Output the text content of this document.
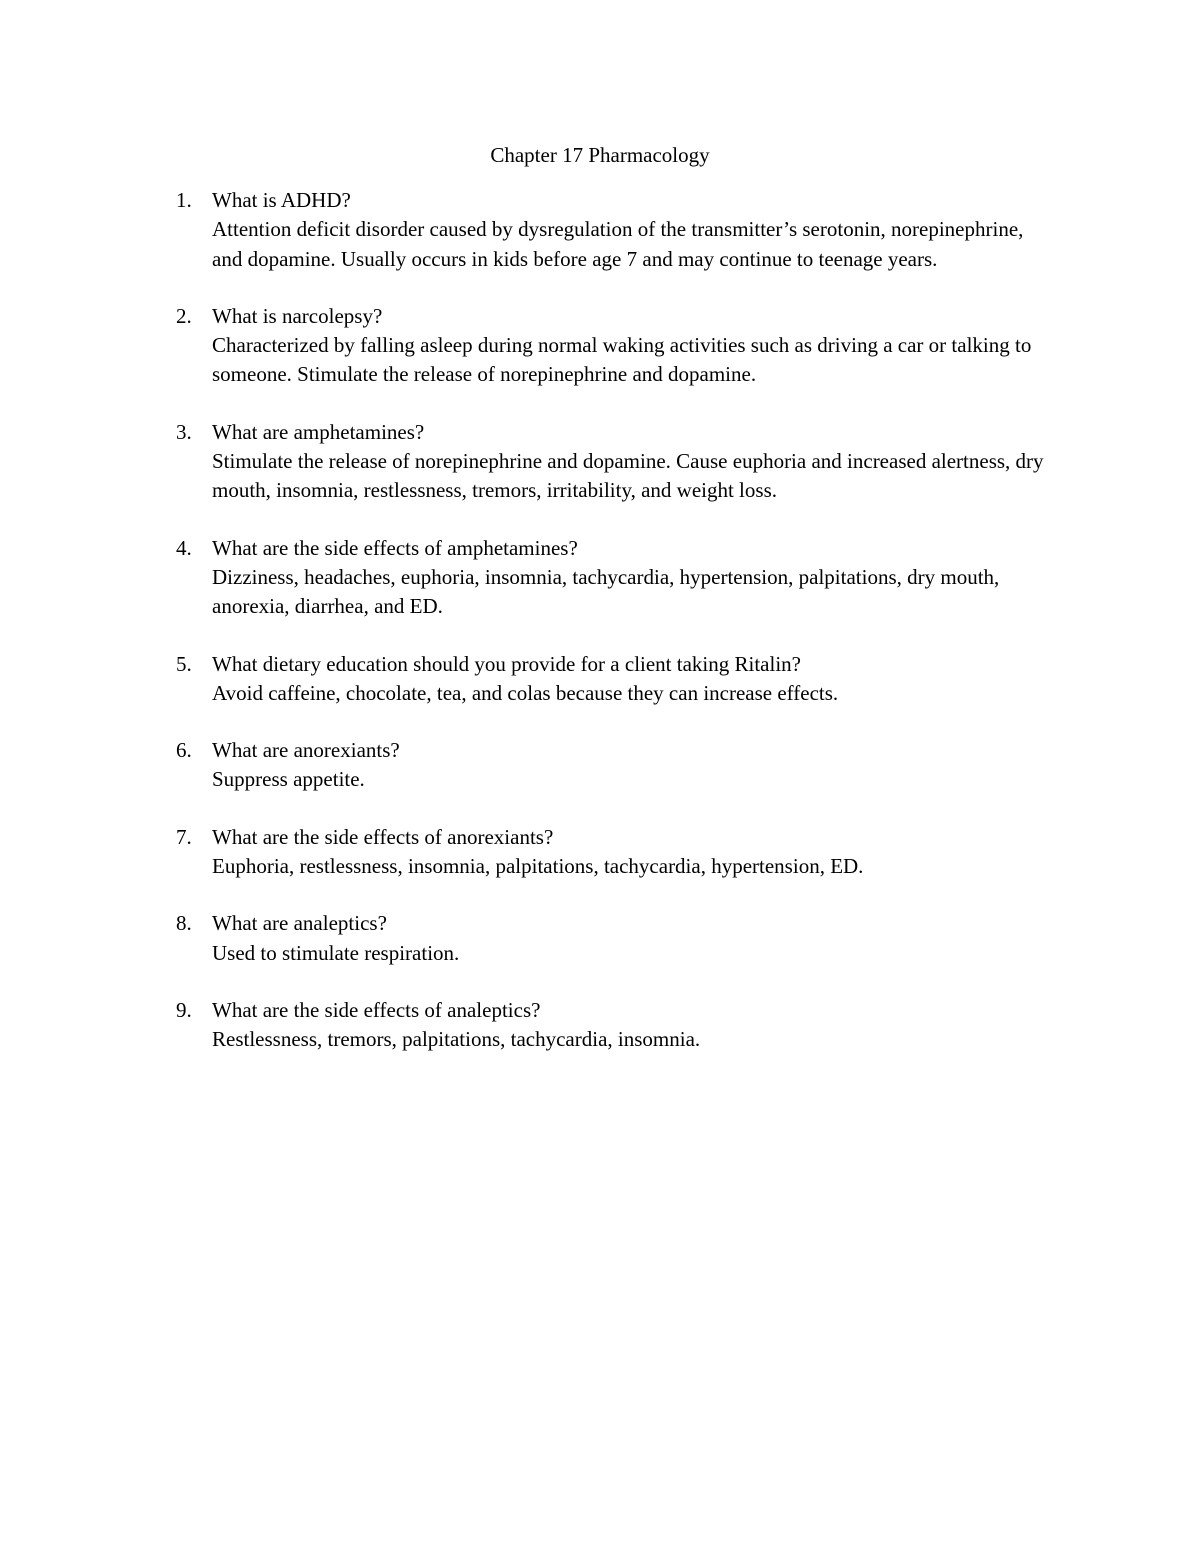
Chapter 17 Pharmacology
1. What is ADHD?
Attention deficit disorder caused by dysregulation of the transmitter’s serotonin, norepinephrine, and dopamine. Usually occurs in kids before age 7 and may continue to teenage years.
2. What is narcolepsy?
Characterized by falling asleep during normal waking activities such as driving a car or talking to someone. Stimulate the release of norepinephrine and dopamine.
3. What are amphetamines?
Stimulate the release of norepinephrine and dopamine. Cause euphoria and increased alertness, dry mouth, insomnia, restlessness, tremors, irritability, and weight loss.
4. What are the side effects of amphetamines?
Dizziness, headaches, euphoria, insomnia, tachycardia, hypertension, palpitations, dry mouth, anorexia, diarrhea, and ED.
5. What dietary education should you provide for a client taking Ritalin?
Avoid caffeine, chocolate, tea, and colas because they can increase effects.
6. What are anorexiants?
Suppress appetite.
7. What are the side effects of anorexiants?
Euphoria, restlessness, insomnia, palpitations, tachycardia, hypertension, ED.
8. What are analeptics?
Used to stimulate respiration.
9. What are the side effects of analeptics?
Restlessness, tremors, palpitations, tachycardia, insomnia.
